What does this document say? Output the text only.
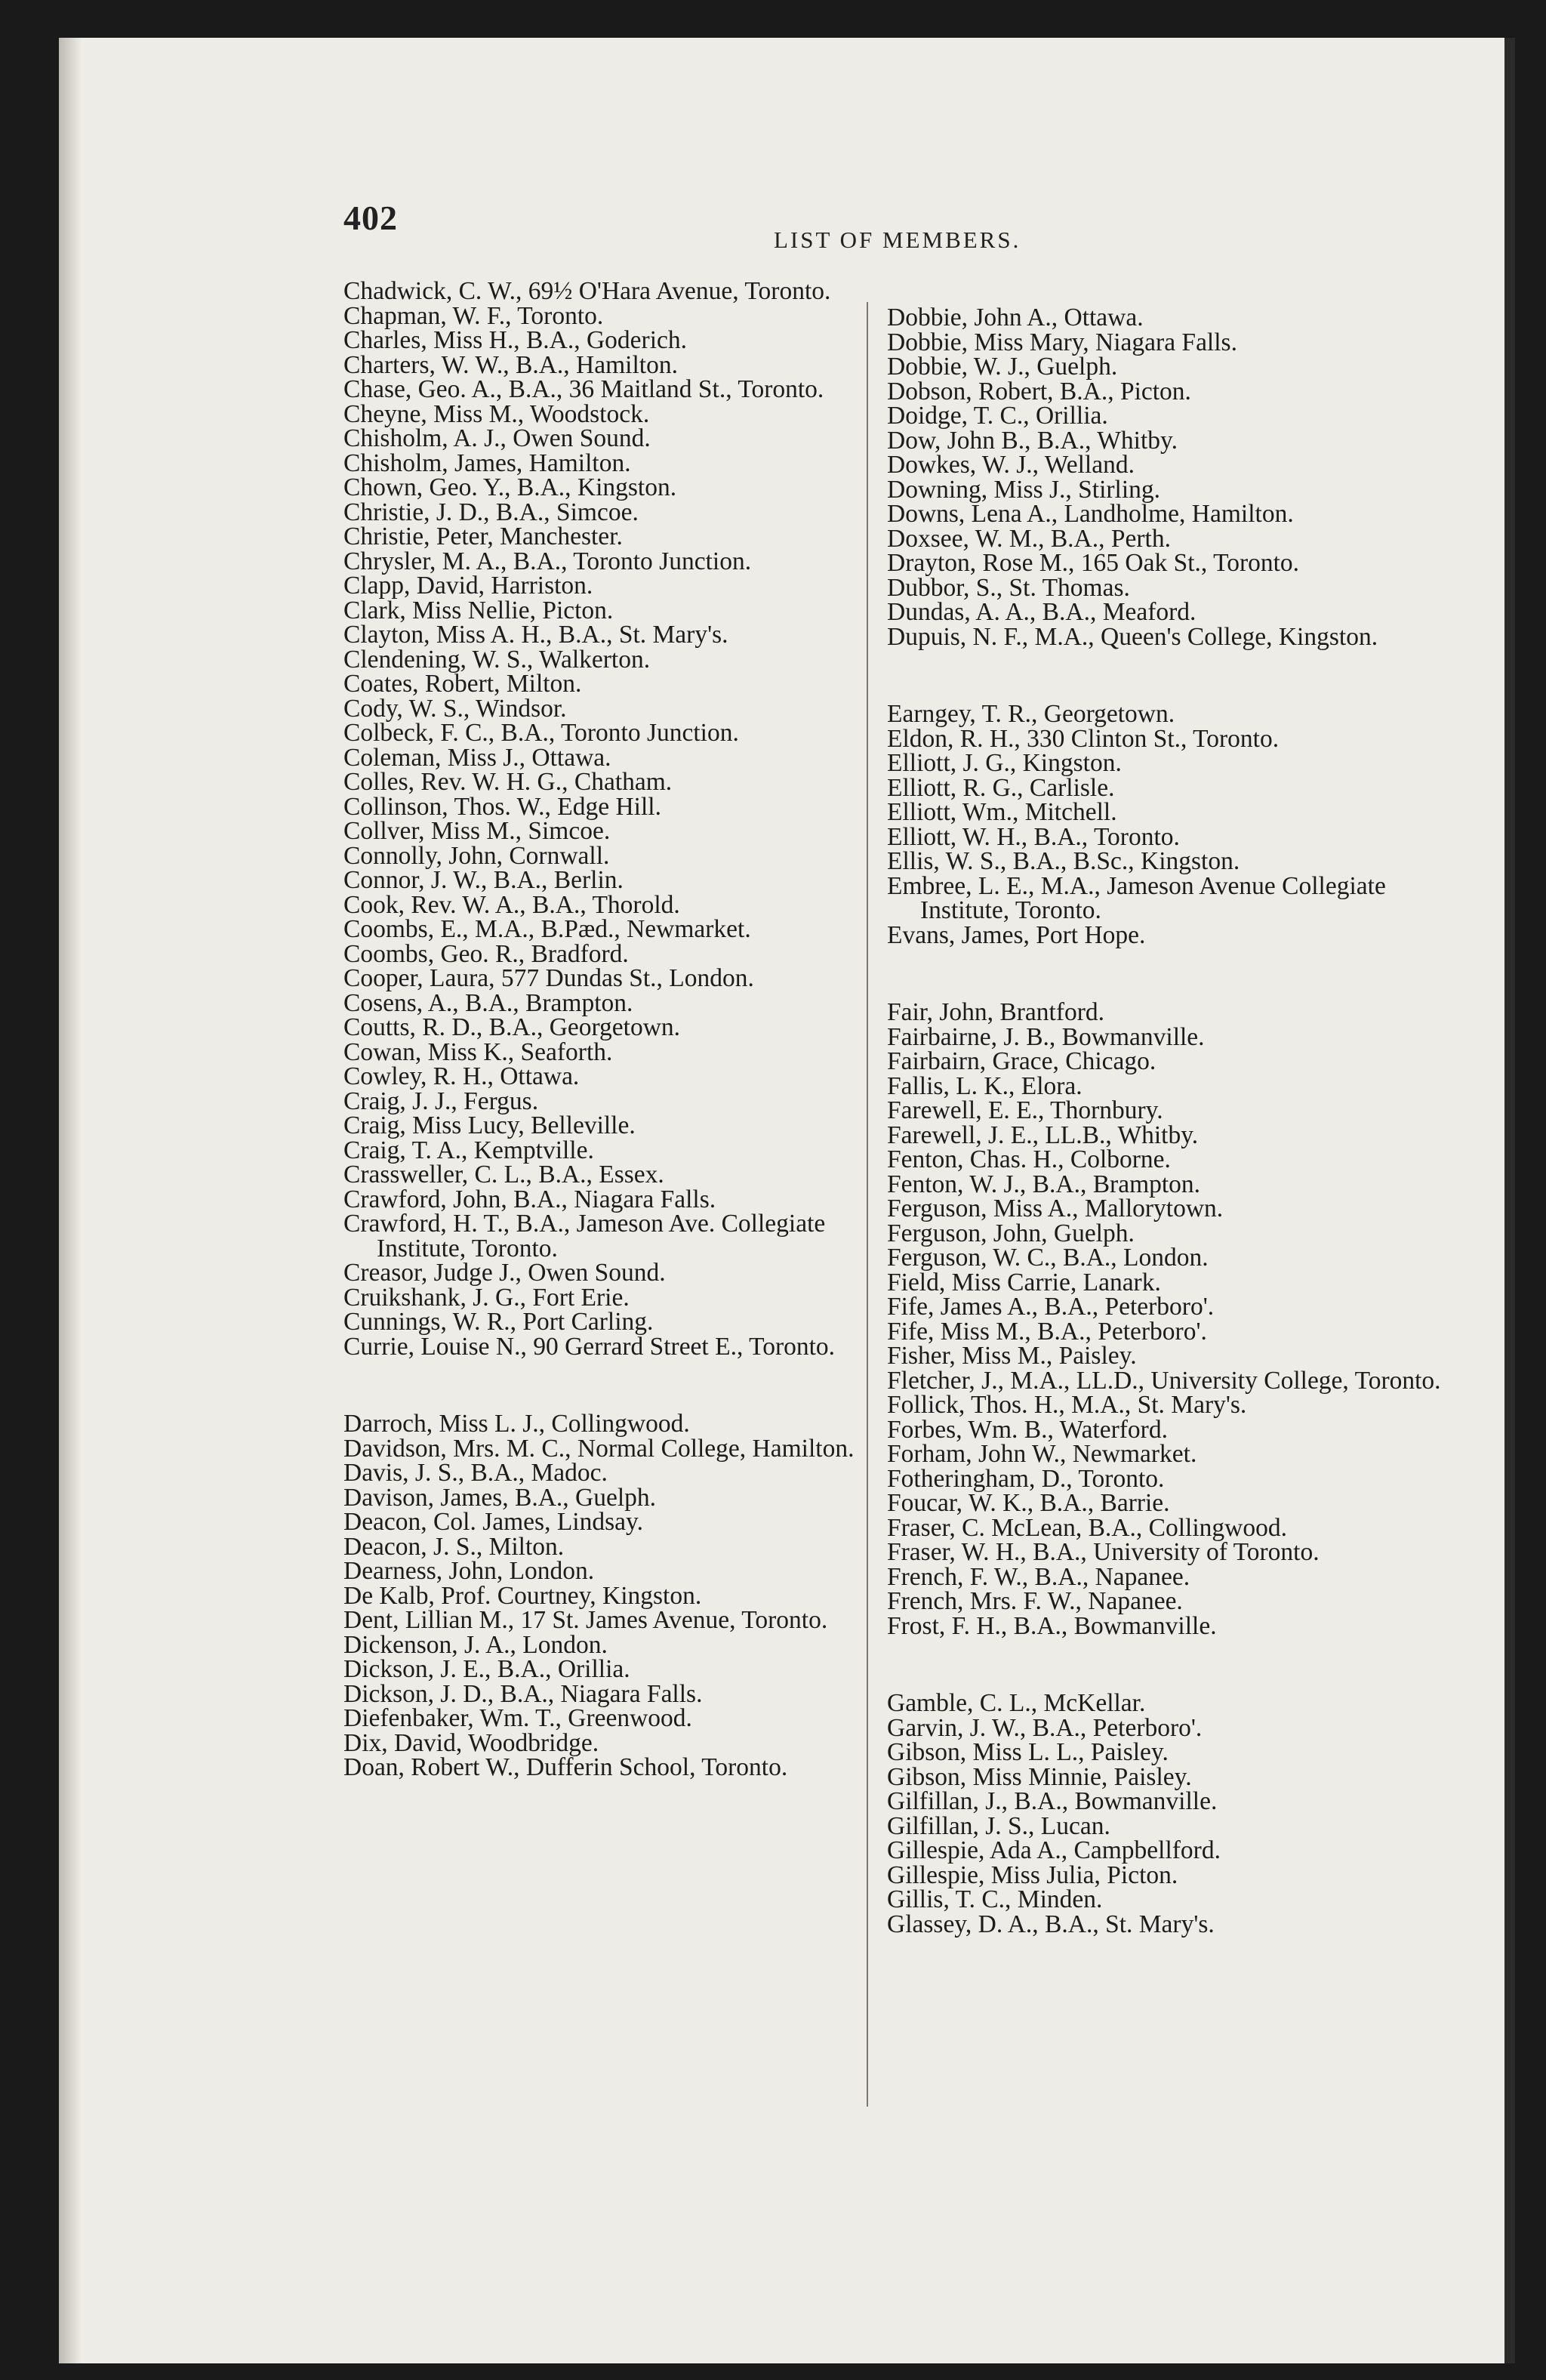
402
LIST OF MEMBERS.
Chadwick, C. W., 69½ O'Hara Avenue, Toronto.
Chapman, W. F., Toronto.
Charles, Miss H., B.A., Goderich.
Charters, W. W., B.A., Hamilton.
Chase, Geo. A., B.A., 36 Maitland St., Toronto.
Cheyne, Miss M., Woodstock.
Chisholm, A. J., Owen Sound.
Chisholm, James, Hamilton.
Chown, Geo. Y., B.A., Kingston.
Christie, J. D., B.A., Simcoe.
Christie, Peter, Manchester.
Chrysler, M. A., B.A., Toronto Junction.
Clapp, David, Harriston.
Clark, Miss Nellie, Picton.
Clayton, Miss A. H., B.A., St. Mary's.
Clendening, W. S., Walkerton.
Coates, Robert, Milton.
Cody, W. S., Windsor.
Colbeck, F. C., B.A., Toronto Junction.
Coleman, Miss J., Ottawa.
Colles, Rev. W. H. G., Chatham.
Collinson, Thos. W., Edge Hill.
Collver, Miss M., Simcoe.
Connolly, John, Cornwall.
Connor, J. W., B.A., Berlin.
Cook, Rev. W. A., B.A., Thorold.
Coombs, E., M.A., B.Pæd., Newmarket.
Coombs, Geo. R., Bradford.
Cooper, Laura, 577 Dundas St., London.
Cosens, A., B.A., Brampton.
Coutts, R. D., B.A., Georgetown.
Cowan, Miss K., Seaforth.
Cowley, R. H., Ottawa.
Craig, J. J., Fergus.
Craig, Miss Lucy, Belleville.
Craig, T. A., Kemptville.
Crassweller, C. L., B.A., Essex.
Crawford, John, B.A., Niagara Falls.
Crawford, H. T., B.A., Jameson Ave. Collegiate Institute, Toronto.
Creasor, Judge J., Owen Sound.
Cruikshank, J. G., Fort Erie.
Cunnings, W. R., Port Carling.
Currie, Louise N., 90 Gerrard Street E., Toronto.
Darroch, Miss L. J., Collingwood.
Davidson, Mrs. M. C., Normal College, Hamilton.
Davis, J. S., B.A., Madoc.
Davison, James, B.A., Guelph.
Deacon, Col. James, Lindsay.
Deacon, J. S., Milton.
Dearness, John, London.
De Kalb, Prof. Courtney, Kingston.
Dent, Lillian M., 17 St. James Avenue, Toronto.
Dickenson, J. A., London.
Dickson, J. E., B.A., Orillia.
Dickson, J. D., B.A., Niagara Falls.
Diefenbaker, Wm. T., Greenwood.
Dix, David, Woodbridge.
Doan, Robert W., Dufferin School, Toronto.
Dobbie, John A., Ottawa.
Dobbie, Miss Mary, Niagara Falls.
Dobbie, W. J., Guelph.
Dobson, Robert, B.A., Picton.
Doidge, T. C., Orillia.
Dow, John B., B.A., Whitby.
Dowkes, W. J., Welland.
Downing, Miss J., Stirling.
Downs, Lena A., Landholme, Hamilton.
Doxsee, W. M., B.A., Perth.
Drayton, Rose M., 165 Oak St., Toronto.
Dubbor, S., St. Thomas.
Dundas, A. A., B.A., Meaford.
Dupuis, N. F., M.A., Queen's College, Kingston.
Earngey, T. R., Georgetown.
Eldon, R. H., 330 Clinton St., Toronto.
Elliott, J. G., Kingston.
Elliott, R. G., Carlisle.
Elliott, Wm., Mitchell.
Elliott, W. H., B.A., Toronto.
Ellis, W. S., B.A., B.Sc., Kingston.
Embree, L. E., M.A., Jameson Avenue Collegiate Institute, Toronto.
Evans, James, Port Hope.
Fair, John, Brantford.
Fairbairne, J. B., Bowmanville.
Fairbairn, Grace, Chicago.
Fallis, L. K., Elora.
Farewell, E. E., Thornbury.
Farewell, J. E., LL.B., Whitby.
Fenton, Chas. H., Colborne.
Fenton, W. J., B.A., Brampton.
Ferguson, Miss A., Mallorytown.
Ferguson, John, Guelph.
Ferguson, W. C., B.A., London.
Field, Miss Carrie, Lanark.
Fife, James A., B.A., Peterboro'.
Fife, Miss M., B.A., Peterboro'.
Fisher, Miss M., Paisley.
Fletcher, J., M.A., LL.D., University College, Toronto.
Follick, Thos. H., M.A., St. Mary's.
Forbes, Wm. B., Waterford.
Forham, John W., Newmarket.
Fotheringham, D., Toronto.
Foucar, W. K., B.A., Barrie.
Fraser, C. McLean, B.A., Collingwood.
Fraser, W. H., B.A., University of Toronto.
French, F. W., B.A., Napanee.
French, Mrs. F. W., Napanee.
Frost, F. H., B.A., Bowmanville.
Gamble, C. L., McKellar.
Garvin, J. W., B.A., Peterboro'.
Gibson, Miss L. L., Paisley.
Gibson, Miss Minnie, Paisley.
Gilfillan, J., B.A., Bowmanville.
Gilfillan, J. S., Lucan.
Gillespie, Ada A., Campbellford.
Gillespie, Miss Julia, Picton.
Gillis, T. C., Minden.
Glassey, D. A., B.A., St. Mary's.
